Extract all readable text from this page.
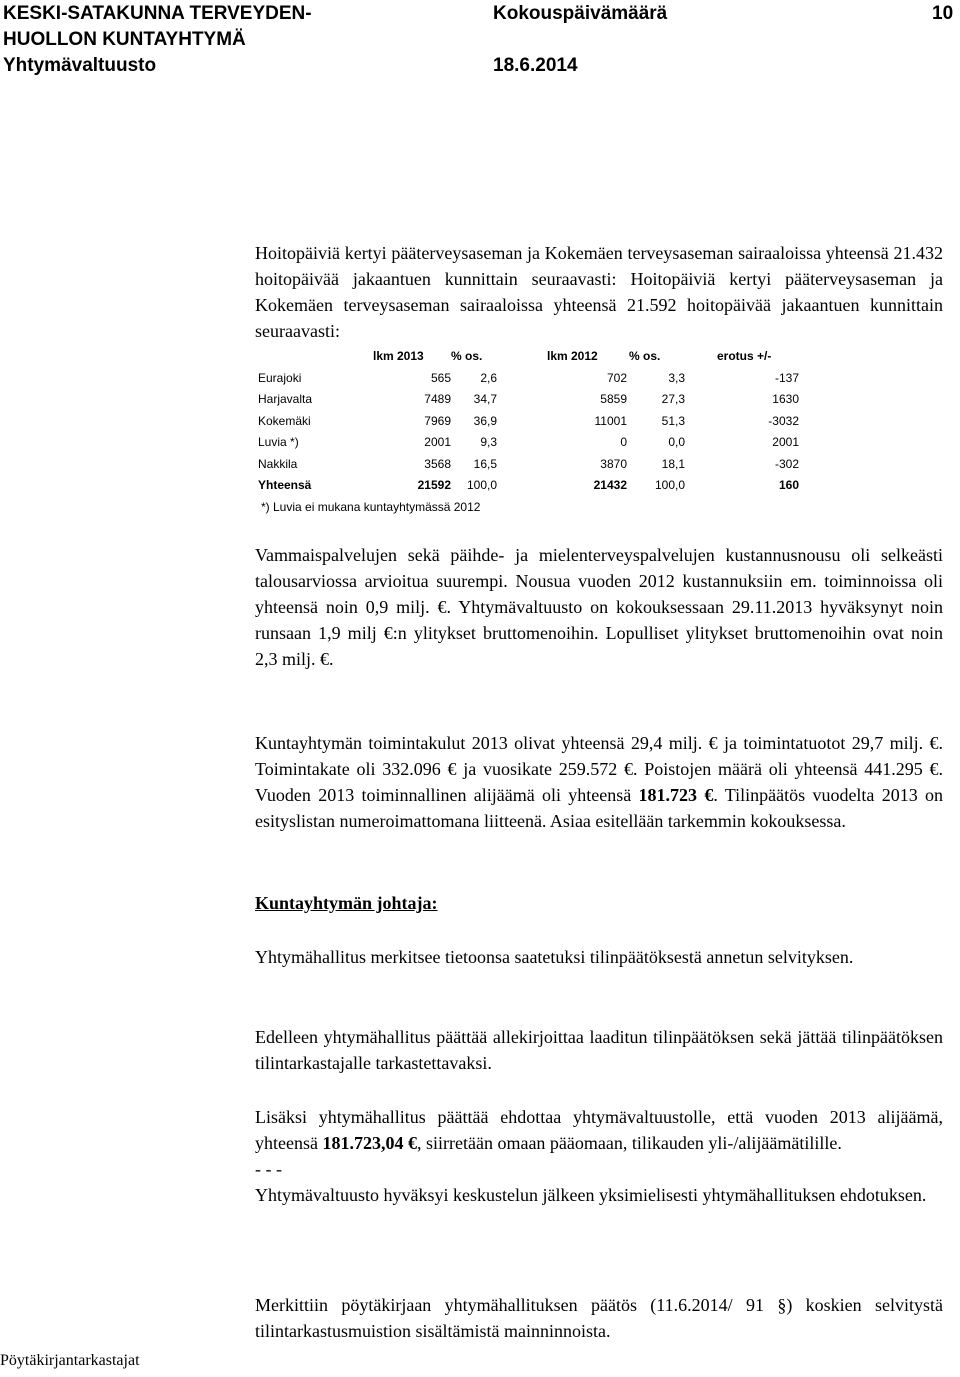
KESKI-SATAKUNNA TERVEYDEN-
HUOLLON KUNTAYHTYMÄ
Yhtymävaltuusto
Kokouspäivämäärä
18.6.2014
10

Hoitopäiviä kertyi pääterveysaseman ja Kokemäen terveysaseman sairaaloissa yhteensä 21.432 hoitopäivää jakaantuen kunnittain seuraavasti: Hoitopäiviä kertyi pääterveysaseman ja Kokemäen terveysaseman sairaaloissa yhteensä 21.592 hoitopäivää jakaantuen kunnittain seuraavasti:

lkm 2013 % os.	lkm 2012	% os.	erotus +/-
Eurajoki	565 2,6	702	3,3	-137
Harjavalta	7489 34,7	5859	27,3	1630
Kokemäki	7969 36,9	11001	51,3	-3032
Luvia *)	2001 9,3	0	0,0	2001
Nakkila	3568 16,5	3870	18,1	-302
Yhteensä	21592 100,0	21432 100,0	160
*) Luvia ei mukana kuntayhtymässä 2012

Vammaispalvelujen sekä päihde- ja mielenterveyspalvelujen kustannusnousu oli selkeästi talousarviossa arvioitua suurempi. Nousua vuoden 2012 kustannuksiin em. toiminnoissa oli yhteensä noin 0,9 milj. €. Yhtymävaltuusto on kokouksessaan 29.11.2013 hyväksynyt noin runsaan 1,9 milj €:n ylitykset bruttomenoihin. Lopulliset ylitykset bruttomenoihin ovat noin 2,3 milj. €.

Kuntayhtymän toimintakulut 2013 olivat yhteensä 29,4 milj. € ja toimintatuotot 29,7 milj. €. Toimintakate oli 332.096 € ja vuosikate 259.572 €. Poistojen määrä oli yhteensä 441.295 €. Vuoden 2013 toiminnallinen alijäämä oli yhteensä 181.723 €. Tilinpäätös vuodelta 2013 on esityslistan numeroimattomana liitteenä. Asiaa esitellään tarkemmin kokouksessa.

Kuntayhtymän johtaja:

Yhtymähallitus merkitsee tietoonsa saatetuksi tilinpäätöksestä annetun selvityksen.

Edelleen yhtymähallitus päättää allekirjoittaa laaditun tilinpäätöksen sekä jättää tilinpäätöksen tilintarkastajalle tarkastettavaksi.

Lisäksi yhtymähallitus päättää ehdottaa yhtymävaltuustolle, että vuoden 2013 alijäämä, yhteensä 181.723,04 €, siirretään omaan pääomaan, tilikauden yli-/alijäämätilille.

- - -

Yhtymävaltuusto hyväksyi keskustelun jälkeen yksimielisesti yhtymähallituksen ehdotuksen.

Merkittiin pöytäkirjaan yhtymähallituksen päätös (11.6.2014/ 91 §) koskien selvitystä tilintarkastusmuistion sisältämistä mainninnoista.

Pöytäkirjantarkastajat
